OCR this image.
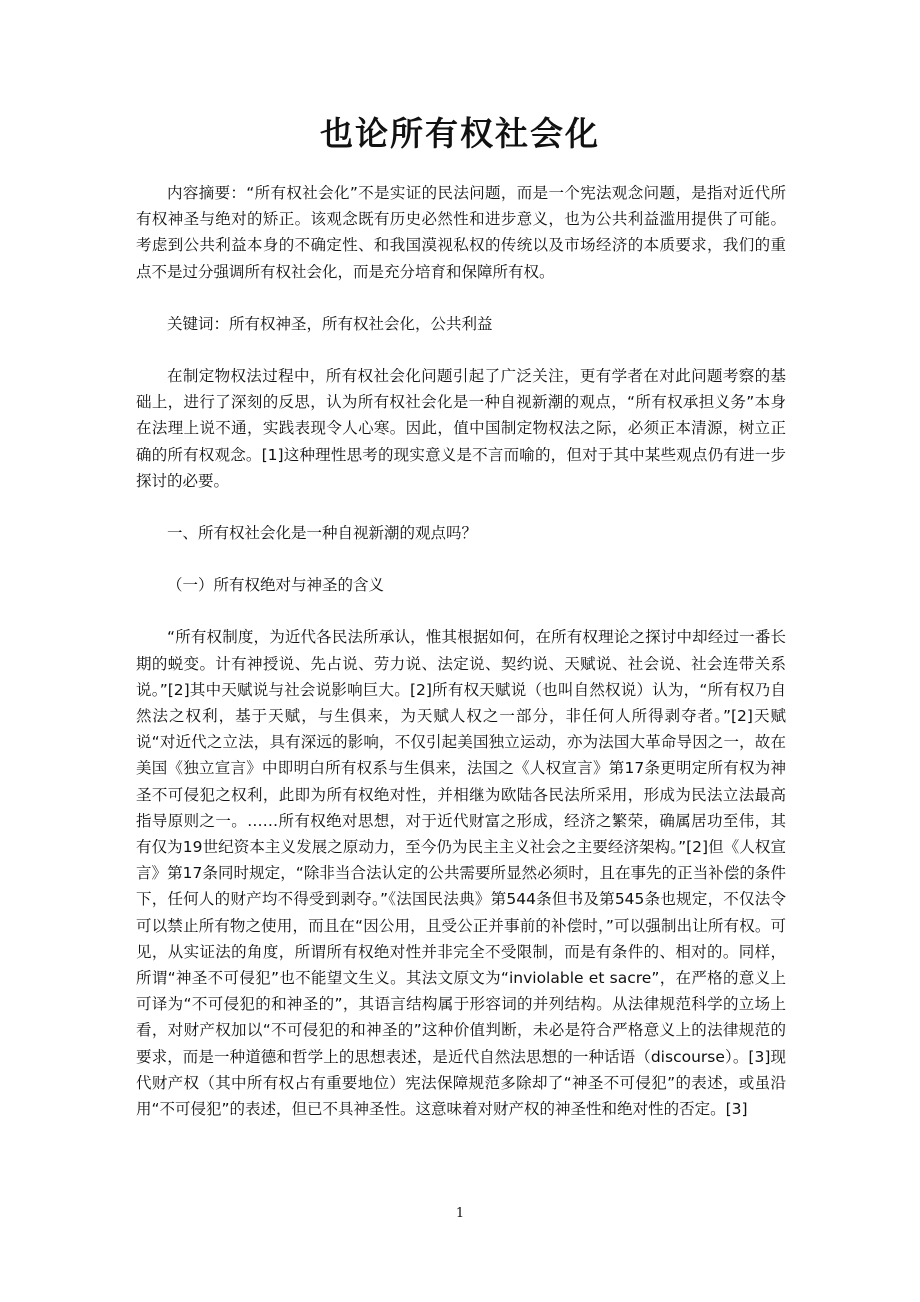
也论所有权社会化

内容摘要：“所有权社会化”不是实证的民法问题，而是一个宪法观念问题，是指对近代所有权神圣与绝对的矫正。该观念既有历史必然性和进步意义，也为公共利益滥用提供了可能。考虑到公共利益本身的不确定性、和我国漠视私权的传统以及市场经济的本质要求，我们的重点不是过分强调所有权社会化，而是充分培育和保障所有权。

关键词：所有权神圣，所有权社会化，公共利益

在制定物权法过程中，所有权社会化问题引起了广泛关注，更有学者在对此问题考察的基础上，进行了深刻的反思，认为所有权社会化是一种自视新潮的观点，“所有权承担义务”本身在法理上说不通，实践表现令人心寒。因此，值中国制定物权法之际，必须正本清源，树立正确的所有权观念。[1]这种理性思考的现实意义是不言而喻的，但对于其中某些观点仍有进一步探讨的必要。

一、所有权社会化是一种自视新潮的观点吗？

（一）所有权绝对与神圣的含义

“所有权制度，为近代各民法所承认，惟其根据如何，在所有权理论之探讨中却经过一番长期的蜕变。计有神授说、先占说、劳力说、法定说、契约说、天赋说、社会说、社会连带关系说。”[2]其中天赋说与社会说影响巨大。[2]所有权天赋说（也叫自然权说）认为，“所有权乃自然法之权利，基于天赋，与生俱来，为天赋人权之一部分，非任何人所得剥夺者。”[2]天赋说“对近代之立法，具有深远的影响，不仅引起美国独立运动，亦为法国大革命导因之一，故在美国《独立宣言》中即明白所有权系与生俱来，法国之《人权宣言》第17条更明定所有权为神圣不可侵犯之权利，此即为所有权绝对性，并相继为欧陆各民法所采用，形成为民法立法最高指导原则之一。……所有权绝对思想，对于近代财富之形成，经济之繁荣，确属居功至伟，其有仅为19世纪资本主义发展之原动力，至今仍为民主主义社会之主要经济架构。”[2]但《人权宣言》第17条同时规定，“除非当合法认定的公共需要所显然必须时，且在事先的正当补偿的条件下，任何人的财产均不得受到剥夺。”《法国民法典》第544条但书及第545条也规定，不仅法令可以禁止所有物之使用，而且在“因公用，且受公正并事前的补偿时，”可以强制出让所有权。可见，从实证法的角度，所谓所有权绝对性并非完全不受限制，而是有条件的、相对的。同样，所谓“神圣不可侵犯”也不能望文生义。其法文原文为“inviolable et sacre”，在严格的意义上可译为“不可侵犯的和神圣的”，其语言结构属于形容词的并列结构。从法律规范科学的立场上看，对财产权加以“不可侵犯的和神圣的”这种价值判断，未必是符合严格意义上的法律规范的要求，而是一种道德和哲学上的思想表述，是近代自然法思想的一种话语（discourse）。[3]现代财产权（其中所有权占有重要地位）宪法保障规范多除却了“神圣不可侵犯”的表述，或虽沿用“不可侵犯”的表述，但已不具神圣性。这意味着对财产权的神圣性和绝对性的否定。[3]

1
